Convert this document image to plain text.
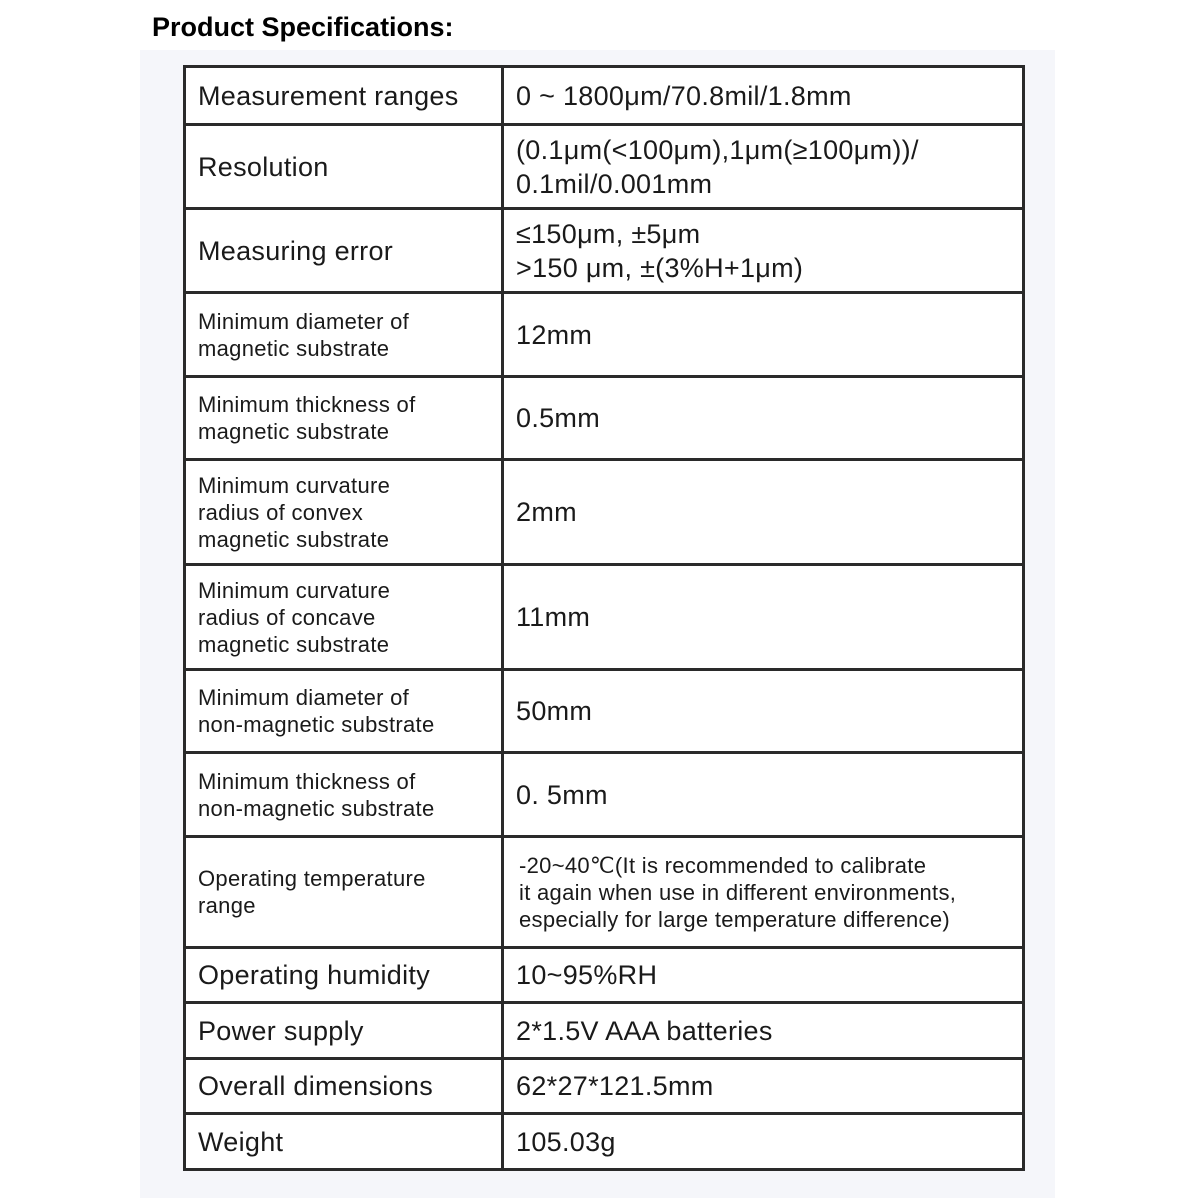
Product Specifications:
Measurement ranges	0 ~ 1800μm/70.8mil/1.8mm

Resolution	(0.1μm(<100μm),1μm(≥100μm))/
0.1mil/0.001mm

Measuring error	≤150μm, ±5μm
>150 μm, ±(3%H+1μm)

Minimum diameter of
magnetic substrate	12mm

Minimum thickness of
magnetic substrate	0.5mm

Minimum curvature
radius of convex
magnetic substrate	2mm

Minimum curvature
radius of concave
magnetic substrate	11mm

Minimum diameter of
non-magnetic substrate	50mm

Minimum thickness of
non-magnetic substrate	0. 5mm

Operating temperature
range	-20~40℃(It is recommended to calibrate
it again when use in different environments,
especially for large temperature difference)

Operating humidity	10~95%RH

Power supply	2*1.5V AAA batteries

Overall dimensions	62*27*121.5mm

Weight	105.03g
